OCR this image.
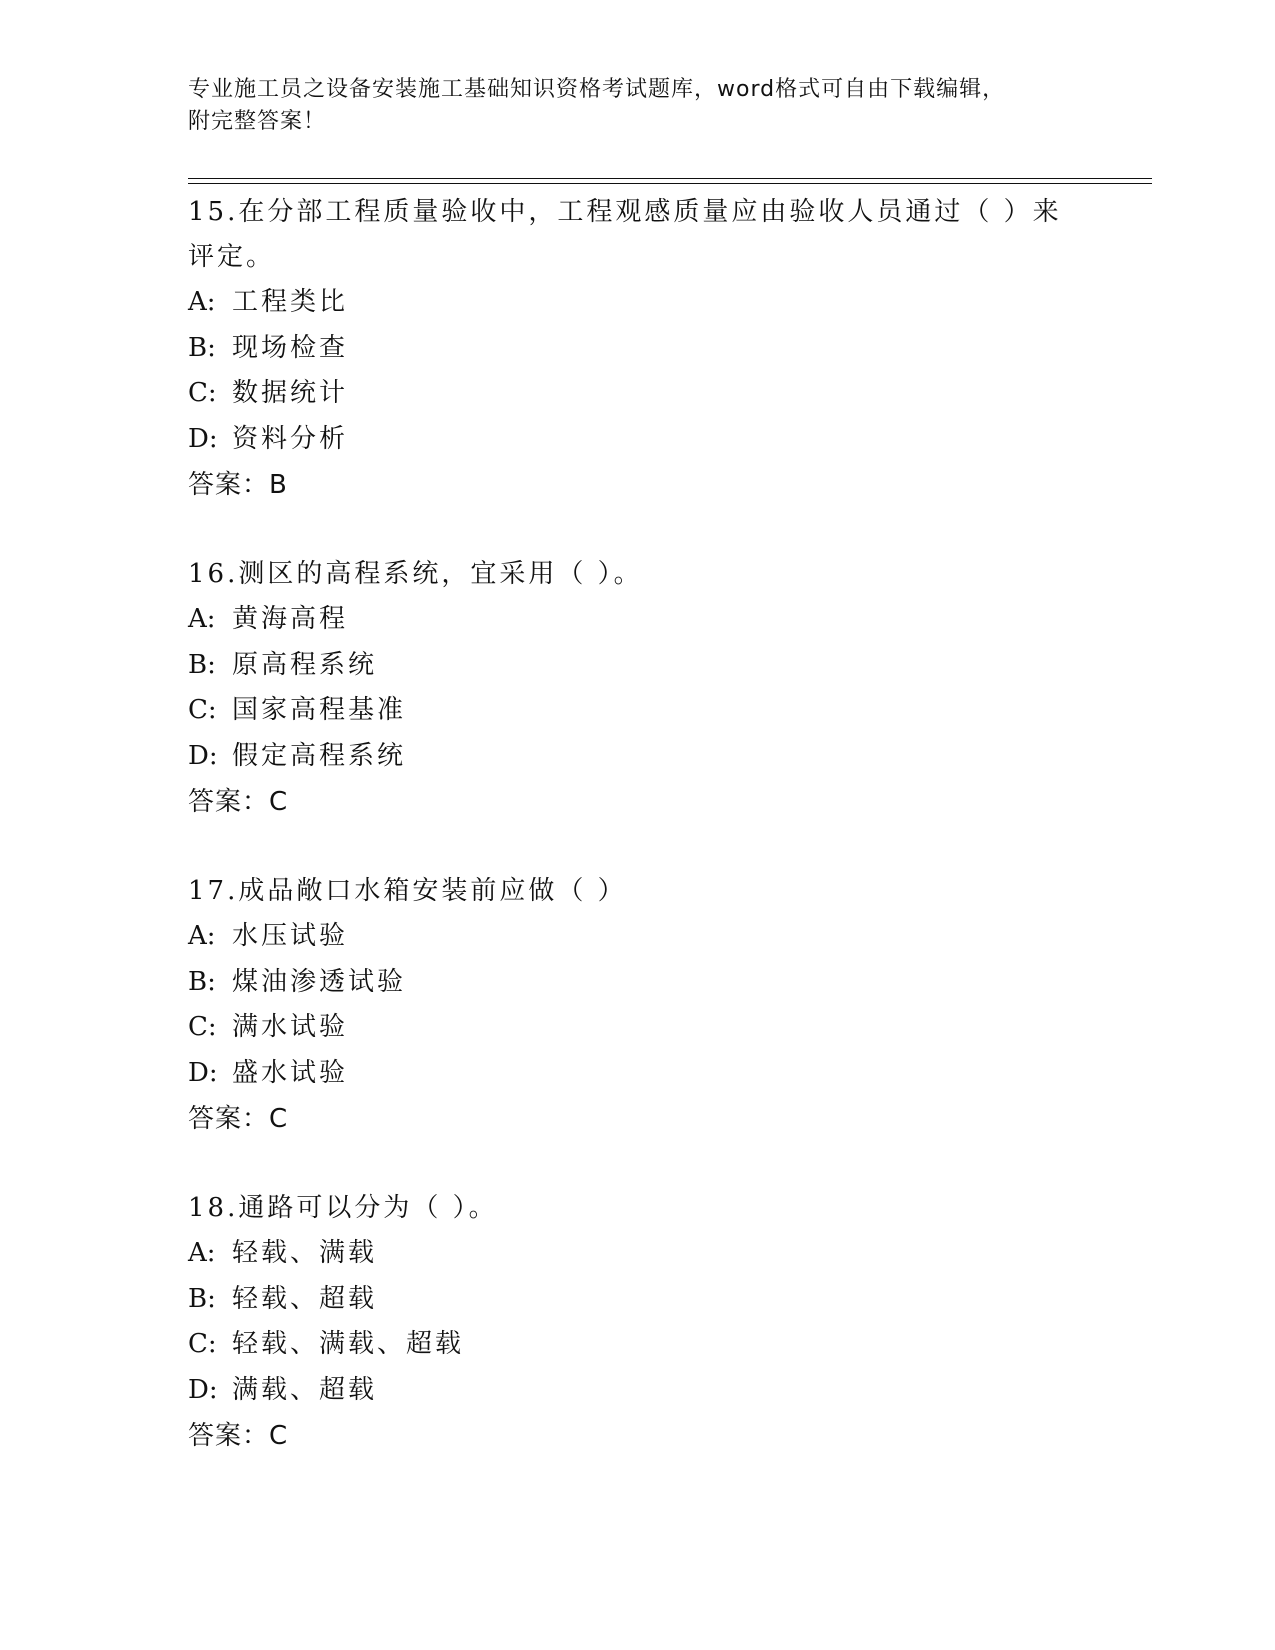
专业施工员之设备安装施工基础知识资格考试题库，word格式可自由下载编辑，
附完整答案！

15.在分部工程质量验收中，工程观感质量应由验收人员通过（ ）来

评定。

A: 工程类比

B: 现场检查

C: 数据统计

D: 资料分析

答案：B

16.测区的高程系统，宜采用（ ）。

A: 黄海高程

B: 原高程系统

C: 国家高程基准

D: 假定高程系统

答案：C

17.成品敞口水箱安装前应做（ ）

A: 水压试验

B: 煤油渗透试验

C: 满水试验

D: 盛水试验

答案：C

18.通路可以分为（ ）。

A: 轻载、满载

B: 轻载、超载

C: 轻载、满载、超载

D: 满载、超载

答案：C
